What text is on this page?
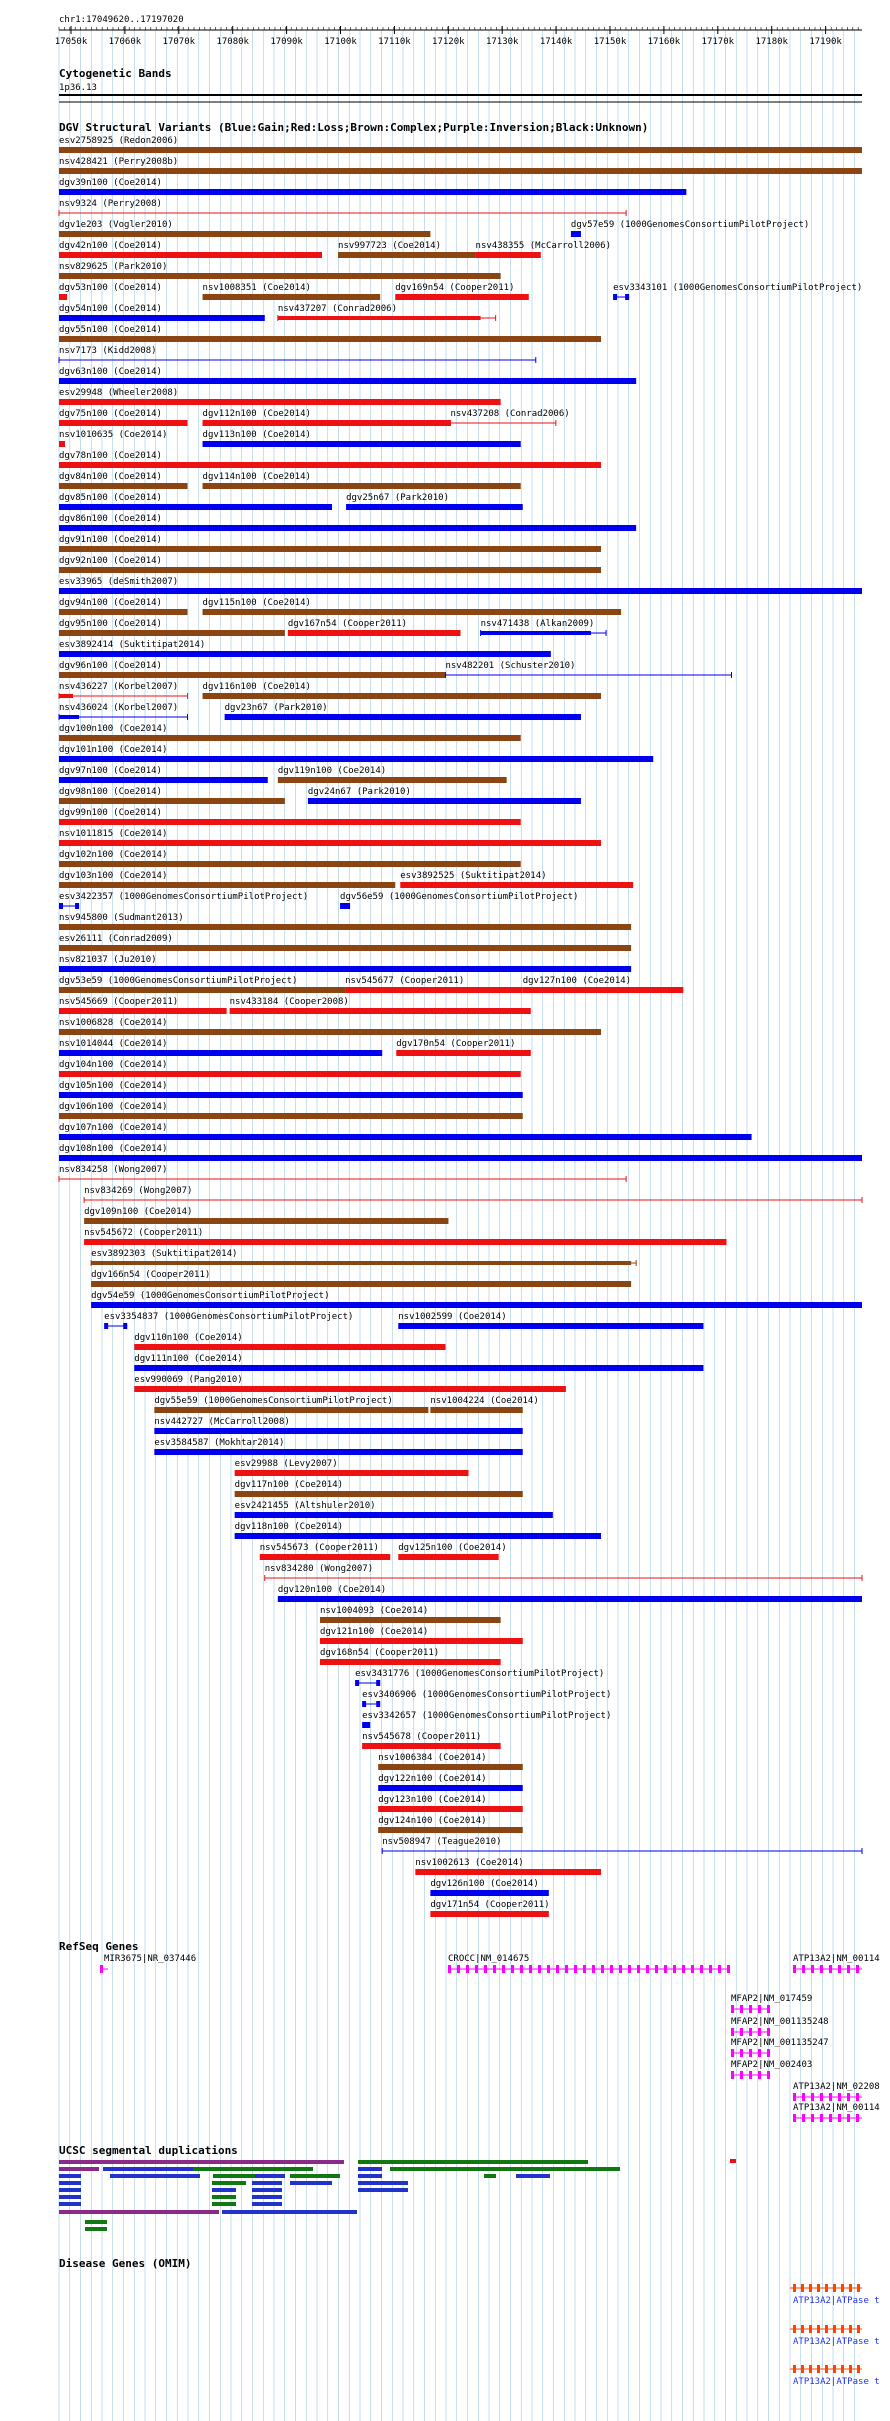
chr1:17049620..17197020
17050k 17060k 17070k 17080k 17090k 17100k 17110k 17120k 17130k 17140k 17150k 17160k 17170k 17180k 17190k
Cytogenetic Bands
1p36.13
DGV Structural Variants (Blue:Gain;Red:Loss;Brown:Complex;Purple:Inversion;Black:Unknown)
esv2758925 (Redon2006)
nsv428421 (Perry2008b)
dgv39n100 (Coe2014)
nsv9324 (Perry2008)
dgv1e203 (Vogler2010)	dgv57e59 (1000GenomesConsortiumPilotProject)
dgv42n100 (Coe2014)	nsv997723 (Coe2014)	nsv438355 (McCarroll2006)
nsv829625 (Park2010)
dgv53n100 (Coe2014)	nsv1008351 (Coe2014)	dgv169n54 (Cooper2011)	esv3343101 (1000GenomesConsortiumPilotProject)
dgv54n100 (Coe2014)	nsv437207 (Conrad2006)
dgv55n100 (Coe2014)
nsv7173 (Kidd2008)
dgv63n100 (Coe2014)
esv29948 (Wheeler2008)
dgv75n100 (Coe2014)	dgv112n100 (Coe2014)	nsv437208 (Conrad2006)
nsv1010635 (Coe2014)	dgv113n100 (Coe2014)
dgv78n100 (Coe2014)
dgv84n100 (Coe2014)	dgv114n100 (Coe2014)
dgv85n100 (Coe2014)	dgv25n67 (Park2010)
dgv86n100 (Coe2014)
dgv91n100 (Coe2014)
dgv92n100 (Coe2014)
esv33965 (deSmith2007)
dgv94n100 (Coe2014)	dgv115n100 (Coe2014)
dgv95n100 (Coe2014)	dgv167n54 (Cooper2011)	nsv471438 (Alkan2009)
esv3892414 (Suktitipat2014)
dgv96n100 (Coe2014)	nsv482201 (Schuster2010)
nsv436227 (Korbel2007)	dgv116n100 (Coe2014)
nsv436024 (Korbel2007)	dgv23n67 (Park2010)
dgv100n100 (Coe2014)
dgv101n100 (Coe2014)
dgv97n100 (Coe2014)	dgv119n100 (Coe2014)
dgv98n100 (Coe2014)	dgv24n67 (Park2010)
dgv99n100 (Coe2014)
nsv1011815 (Coe2014)
dgv102n100 (Coe2014)
dgv103n100 (Coe2014)	esv3892525 (Suktitipat2014)
esv3422357 (1000GenomesConsortiumPilotProject)	dgv56e59 (1000GenomesConsortiumPilotProject)
nsv945800 (Sudmant2013)
esv26111 (Conrad2009)
nsv821037 (Ju2010)
dgv53e59 (1000GenomesConsortiumPilotProject)	nsv545677 (Cooper2011)	dgv127n100 (Coe2014)
nsv545669 (Cooper2011)	nsv433184 (Cooper2008)
nsv1006828 (Coe2014)
nsv1014044 (Coe2014)	dgv170n54 (Cooper2011)
dgv104n100 (Coe2014)
dgv105n100 (Coe2014)
dgv106n100 (Coe2014)
dgv107n100 (Coe2014)
dgv108n100 (Coe2014)
nsv834258 (Wong2007)
nsv834269 (Wong2007)
dgv109n100 (Coe2014)
nsv545672 (Cooper2011)
esv3892303 (Suktitipat2014)
dgv166n54 (Cooper2011)
dgv54e59 (1000GenomesConsortiumPilotProject)
esv3354837 (1000GenomesConsortiumPilotProject)	nsv1002599 (Coe2014)
dgv110n100 (Coe2014)
dgv111n100 (Coe2014)
esv990069 (Pang2010)
dgv55e59 (1000GenomesConsortiumPilotProject)	nsv1004224 (Coe2014)
nsv442727 (McCarroll2008)
esv3584587 (Mokhtar2014)
esv29988 (Levy2007)
dgv117n100 (Coe2014)
esv2421455 (Altshuler2010)
dgv118n100 (Coe2014)
nsv545673 (Cooper2011) dgv125n100 (Coe2014)
nsv834280 (Wong2007)
dgv120n100 (Coe2014)
nsv1004093 (Coe2014)
dgv121n100 (Coe2014)
dgv168n54 (Cooper2011)
esv3431776 (1000GenomesConsortiumPilotProject)
esv3406906 (1000GenomesConsortiumPilotProject)
esv3342657 (1000GenomesConsortiumPilotProject)
nsv545678 (Cooper2011)
nsv1006384 (Coe2014)
dgv122n100 (Coe2014)
dgv123n100 (Coe2014)
dgv124n100 (Coe2014)
nsv508947 (Teague2010)
nsv1002613 (Coe2014)
dgv126n100 (Coe2014)
dgv171n54 (Cooper2011)
RefSeq Genes
MIR3675|NR_037446	CROCC|NM_014675	ATP13A2|NM_00114
MFAP2|NM_017459
MFAP2|NM_001135248
MFAP2|NM_001135247
MFAP2|NM_002403
ATP13A2|NM_02208
ATP13A2|NM_00114
UCSC segmental duplications
Disease Genes (OMIM)
ATP13A2|ATPase t
ATP13A2|ATPase t
ATP13A2|ATPase t
